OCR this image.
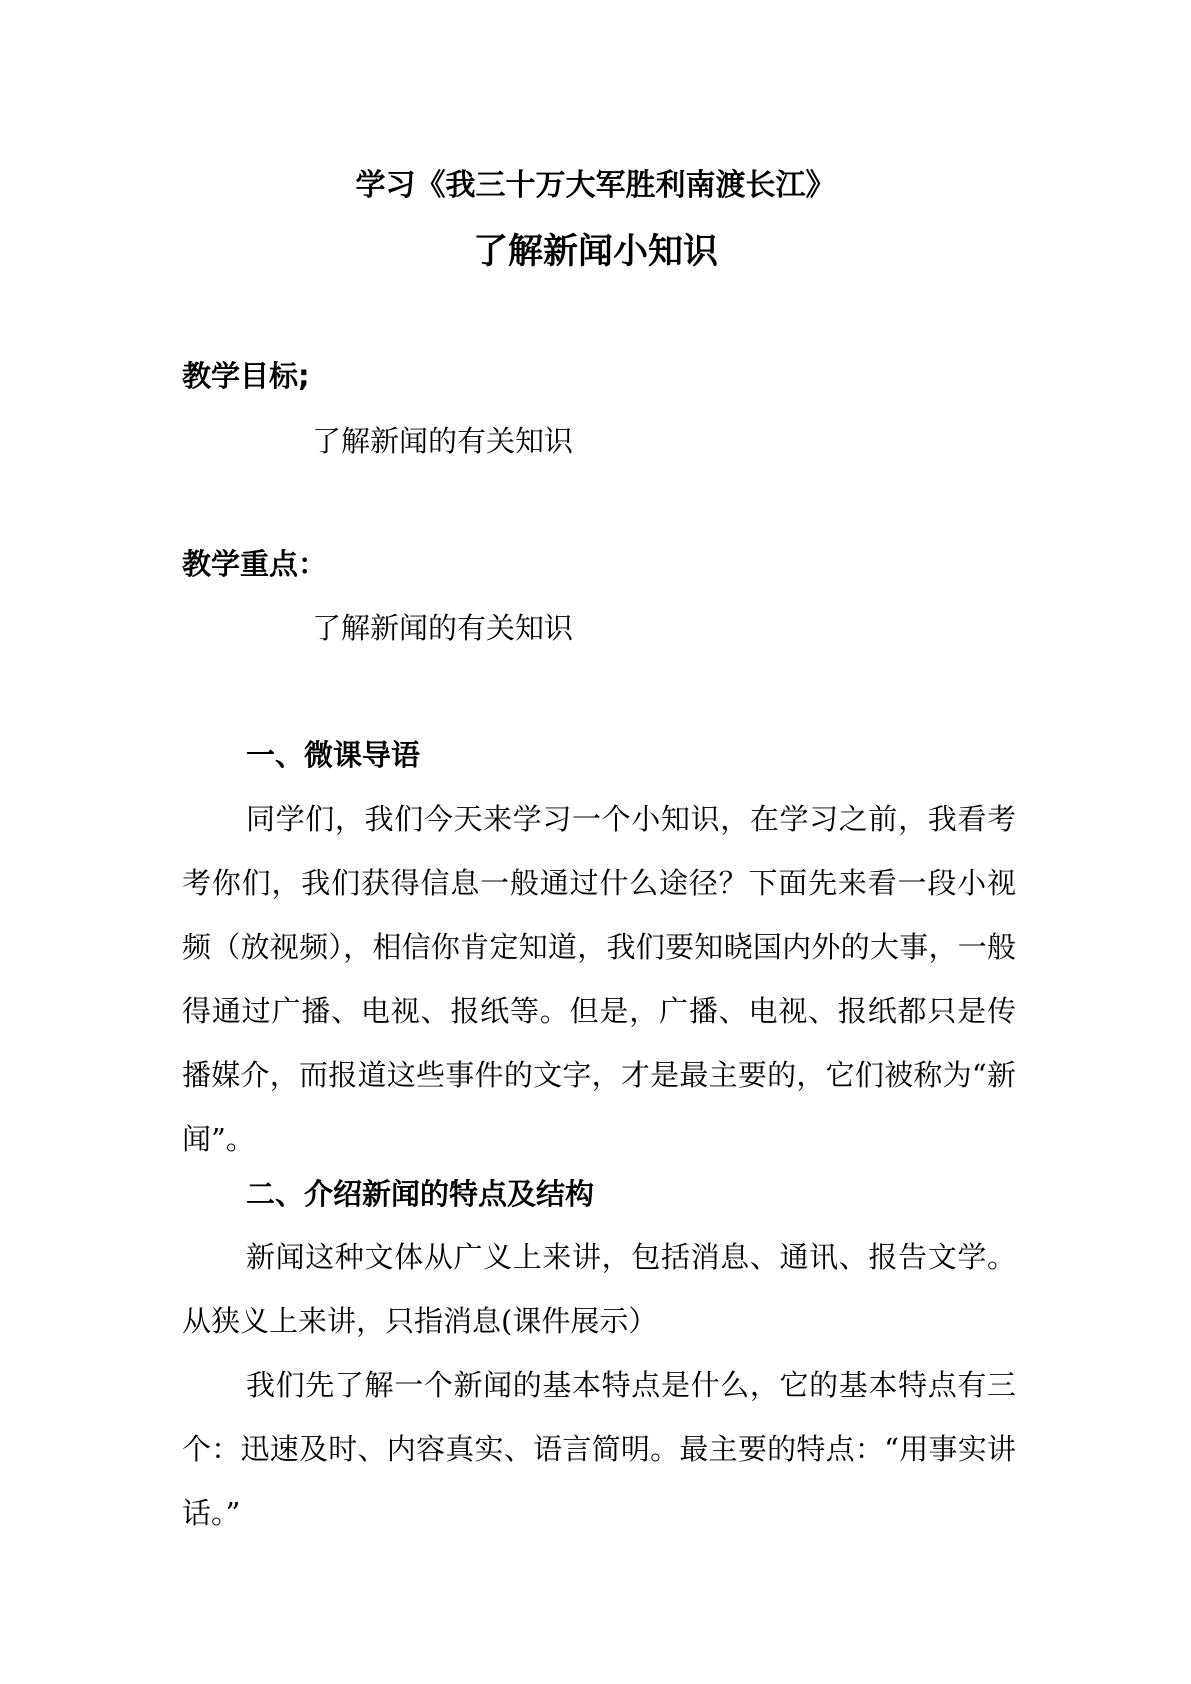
学习《我三十万大军胜利南渡长江》
了解新闻小知识
教学目标;
了解新闻的有关知识
教学重点：
了解新闻的有关知识
一、微课导语
同学们，我们今天来学习一个小知识，在学习之前，我看考考你们，我们获得信息一般通过什么途径？下面先来看一段小视频（放视频），相信你肯定知道，我们要知晓国内外的大事，一般得通过广播、电视、报纸等。但是，广播、电视、报纸都只是传播媒介，而报道这些事件的文字，才是最主要的，它们被称为“新闻”。
二、介绍新闻的特点及结构
新闻这种文体从广义上来讲，包括消息、通讯、报告文学。从狭义上来讲，只指消息(课件展示）
我们先了解一个新闻的基本特点是什么，它的基本特点有三个：迅速及时、内容真实、语言简明。最主要的特点：“用事实讲话。”
